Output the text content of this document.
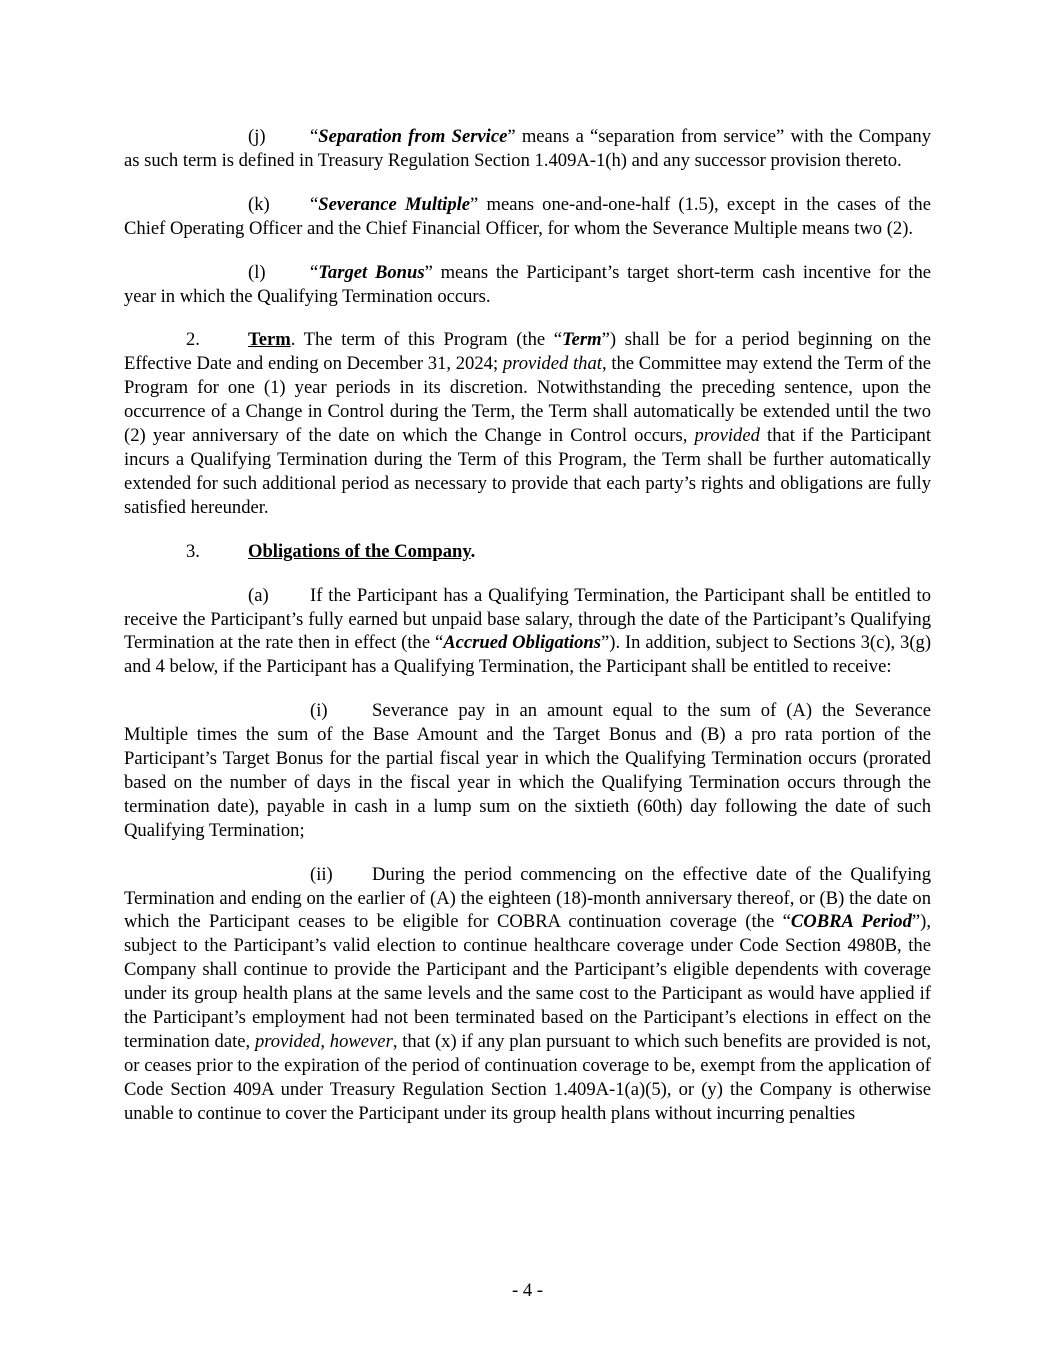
(j) “Separation from Service” means a “separation from service” with the Company as such term is defined in Treasury Regulation Section 1.409A-1(h) and any successor provision thereto.

(k) “Severance Multiple” means one-and-one-half (1.5), except in the cases of the Chief Operating Officer and the Chief Financial Officer, for whom the Severance Multiple means two (2).

(l) “Target Bonus” means the Participant’s target short-term cash incentive for the year in which the Qualifying Termination occurs.

2.	Term. The term of this Program (the “Term”) shall be for a period beginning on the Effective Date and ending on December 31, 2024; provided that, the Committee may extend the Term of the Program for one (1) year periods in its discretion. Notwithstanding the preceding sentence, upon the occurrence of a Change in Control during the Term, the Term shall automatically be extended until the two (2) year anniversary of the date on which the Change in Control occurs, provided that if the Participant incurs a Qualifying Termination during the Term of this Program, the Term shall be further automatically extended for such additional period as necessary to provide that each party’s rights and obligations are fully satisfied hereunder.

3.	Obligations of the Company.

(a) If the Participant has a Qualifying Termination, the Participant shall be entitled to receive the Participant’s fully earned but unpaid base salary, through the date of the Participant’s Qualifying Termination at the rate then in effect (the “Accrued Obligations”). In addition, subject to Sections 3(c), 3(g) and 4 below, if the Participant has a Qualifying Termination, the Participant shall be entitled to receive:

(i) Severance pay in an amount equal to the sum of (A) the Severance Multiple times the sum of the Base Amount and the Target Bonus and (B) a pro rata portion of the Participant’s Target Bonus for the partial fiscal year in which the Qualifying Termination occurs (prorated based on the number of days in the fiscal year in which the Qualifying Termination occurs through the termination date), payable in cash in a lump sum on the sixtieth (60th) day following the date of such Qualifying Termination;

(ii) During the period commencing on the effective date of the Qualifying Termination and ending on the earlier of (A) the eighteen (18)-month anniversary thereof, or (B) the date on which the Participant ceases to be eligible for COBRA continuation coverage (the “COBRA Period”), subject to the Participant’s valid election to continue healthcare coverage under Code Section 4980B, the Company shall continue to provide the Participant and the Participant’s eligible dependents with coverage under its group health plans at the same levels and the same cost to the Participant as would have applied if the Participant’s employment had not been terminated based on the Participant’s elections in effect on the termination date, provided, however, that (x) if any plan pursuant to which such benefits are provided is not, or ceases prior to the expiration of the period of continuation coverage to be, exempt from the application of Code Section 409A under Treasury Regulation Section 1.409A-1(a)(5), or (y) the Company is otherwise unable to continue to cover the Participant under its group health plans without incurring penalties

- 4 -
